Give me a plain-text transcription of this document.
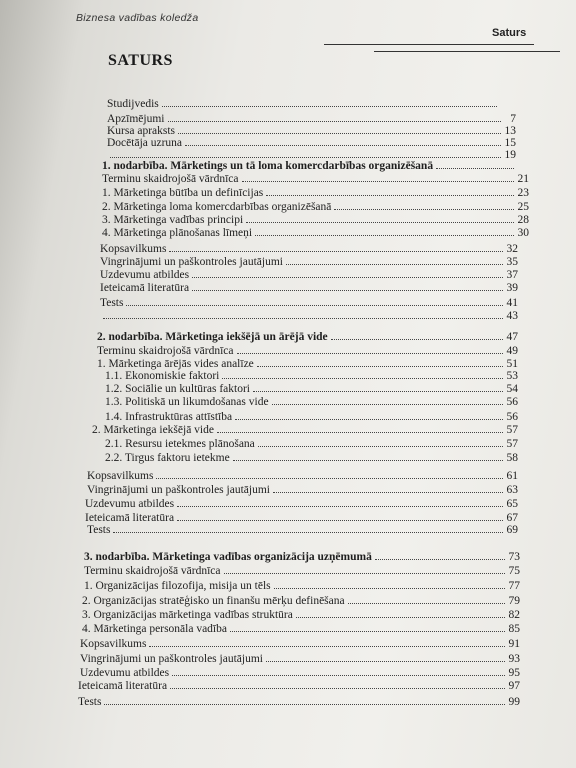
Biznesa vadības koledža
Saturs
SATURS
Studijvedis
Apzīmējumi	7
Kursa apraksts	13
Docētāja uzruna	15
19
1. nodarbība. Mārketings un tā loma komercdarbības organizēšanā
Terminu skaidrojošā vārdnīca	21
1. Mārketinga būtība un definīcijas	23
2. Mārketinga loma komercdarbības organizēšanā	25
3. Mārketinga vadības principi	28
4. Mārketinga plānošanas līmeņi	30
Kopsavilkums	32
Vingrinājumi un paškontroles jautājumi	35
Uzdevumu atbildes	37
Ieteicamā literatūra	39
Tests	41
43
2. nodarbība. Mārketinga iekšējā un ārējā vide	47
Terminu skaidrojošā vārdnīca	49
1. Mārketinga ārējās vides analīze	51
1.1. Ekonomiskie faktori	53
1.2. Sociālie un kultūras faktori	54
1.3. Politiskā un likumdošanas vide	56
1.4. Infrastruktūras attīstība	56
2. Mārketinga iekšējā vide	57
2.1. Resursu ietekmes plānošana	57
2.2. Tirgus faktoru ietekme	58
Kopsavilkums	61
Vingrinājumi un paškontroles jautājumi	63
Uzdevumu atbildes	65
Ieteicamā literatūra	67
Tests	69
3. nodarbība. Mārketinga vadības organizācija uzņēmumā	73
Terminu skaidrojošā vārdnīca	75
1. Organizācijas filozofija, misija un tēls	77
2. Organizācijas stratēģisko un finanšu mērķu definēšana	79
3. Organizācijas mārketinga vadības struktūra	82
4. Mārketinga personāla vadība	85
Kopsavilkums	91
Vingrinājumi un paškontroles jautājumi	93
Uzdevumu atbildes	95
Ieteicamā literatūra	97
Tests	99
